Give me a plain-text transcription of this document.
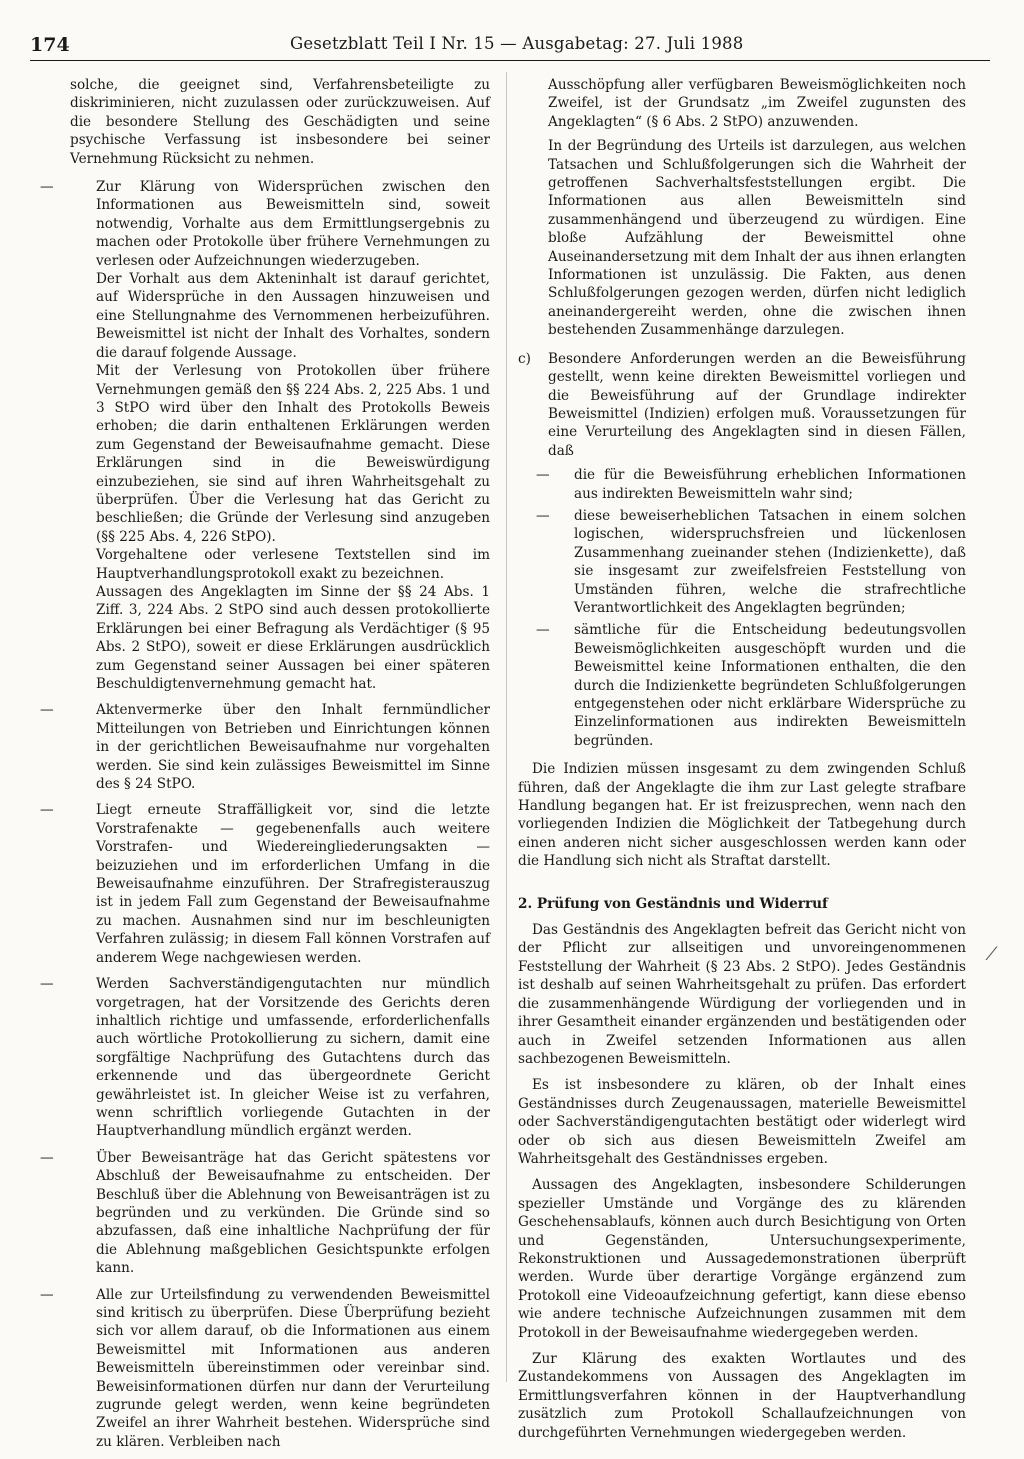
174	Gesetzblatt Teil I Nr. 15 — Ausgabetag: 27. Juli 1988

solche, die geeignet sind, Verfahrensbeteiligte zu diskriminieren, nicht zuzulassen oder zurückzuweisen. Auf die besondere Stellung des Geschädigten und seine psychische Verfassung ist insbesondere bei seiner Vernehmung Rücksicht zu nehmen.

—	Zur Klärung von Widersprüchen zwischen den Informationen aus Beweismitteln sind, soweit notwendig, Vorhalte aus dem Ermittlungsergebnis zu machen oder Protokolle über frühere Vernehmungen zu verlesen oder Aufzeichnungen wiederzugeben.

Der Vorhalt aus dem Akteninhalt ist darauf gerichtet, auf Widersprüche in den Aussagen hinzuweisen und eine Stellungnahme des Vernommenen herbeizuführen. Beweismittel ist nicht der Inhalt des Vorhaltes, sondern die darauf folgende Aussage.

Mit der Verlesung von Protokollen über frühere Vernehmungen gemäß den §§ 224 Abs. 2, 225 Abs. 1 und 3 StPO wird über den Inhalt des Protokolls Beweis erhoben; die darin enthaltenen Erklärungen werden zum Gegenstand der Beweisaufnahme gemacht. Diese Erklärungen sind in die Beweiswürdigung einzubeziehen, sie sind auf ihren Wahrheitsgehalt zu überprüfen. Über die Verlesung hat das Gericht zu beschließen; die Gründe der Verlesung sind anzugeben (§§ 225 Abs. 4, 226 StPO).

Vorgehaltene oder verlesene Textstellen sind im Hauptverhandlungsprotokoll exakt zu bezeichnen.

Aussagen des Angeklagten im Sinne der §§ 24 Abs. 1 Ziff. 3, 224 Abs. 2 StPO sind auch dessen protokollierte Erklärungen bei einer Befragung als Verdächtiger (§ 95 Abs. 2 StPO), soweit er diese Erklärungen ausdrücklich zum Gegenstand seiner Aussagen bei einer späteren Beschuldigtenvernehmung gemacht hat.

—	Aktenvermerke über den Inhalt fernmündlicher Mitteilungen von Betrieben und Einrichtungen können in der gerichtlichen Beweisaufnahme nur vorgehalten werden. Sie sind kein zulässiges Beweismittel im Sinne des § 24 StPO.

—	Liegt erneute Straffälligkeit vor, sind die letzte Vorstrafenakte — gegebenenfalls auch weitere Vorstrafen- und Wiedereingliederungsakten — beizuziehen und im erforderlichen Umfang in die Beweisaufnahme einzuführen. Der Strafregisterauszug ist in jedem Fall zum Gegenstand der Beweisaufnahme zu machen. Ausnahmen sind nur im beschleunigten Verfahren zulässig; in diesem Fall können Vorstrafen auf anderem Wege nachgewiesen werden.

—	Werden Sachverständigengutachten nur mündlich vorgetragen, hat der Vorsitzende des Gerichts deren inhaltlich richtige und umfassende, erforderlichenfalls auch wörtliche Protokollierung zu sichern, damit eine sorgfältige Nachprüfung des Gutachtens durch das erkennende und das übergeordnete Gericht gewährleistet ist. In gleicher Weise ist zu verfahren, wenn schriftlich vorliegende Gutachten in der Hauptverhandlung mündlich ergänzt werden.

—	Über Beweisanträge hat das Gericht spätestens vor Abschluß der Beweisaufnahme zu entscheiden. Der Beschluß über die Ablehnung von Beweisanträgen ist zu begründen und zu verkünden. Die Gründe sind so abzufassen, daß eine inhaltliche Nachprüfung der für die Ablehnung maßgeblichen Gesichtspunkte erfolgen kann.

—	Alle zur Urteilsfindung zu verwendenden Beweismittel sind kritisch zu überprüfen. Diese Überprüfung bezieht sich vor allem darauf, ob die Informationen aus einem Beweismittel mit Informationen aus anderen Beweismitteln übereinstimmen oder vereinbar sind. Beweisinformationen dürfen nur dann der Verurteilung zugrunde gelegt werden, wenn keine begründeten Zweifel an ihrer Wahrheit bestehen. Widersprüche sind zu klären. Verbleiben nach

Ausschöpfung aller verfügbaren Beweismöglichkeiten noch Zweifel, ist der Grundsatz „im Zweifel zugunsten des Angeklagten“ (§ 6 Abs. 2 StPO) anzuwenden.

In der Begründung des Urteils ist darzulegen, aus welchen Tatsachen und Schlußfolgerungen sich die Wahrheit der getroffenen Sachverhaltsfeststellungen ergibt. Die Informationen aus allen Beweismitteln sind zusammenhängend und überzeugend zu würdigen. Eine bloße Aufzählung der Beweismittel ohne Auseinandersetzung mit dem Inhalt der aus ihnen erlangten Informationen ist unzulässig. Die Fakten, aus denen Schlußfolgerungen gezogen werden, dürfen nicht lediglich aneinandergereiht werden, ohne die zwischen ihnen bestehenden Zusammenhänge darzulegen.

c) Besondere Anforderungen werden an die Beweisführung gestellt, wenn keine direkten Beweismittel vorliegen und die Beweisführung auf der Grundlage indirekter Beweismittel (Indizien) erfolgen muß. Voraussetzungen für eine Verurteilung des Angeklagten sind in diesen Fällen, daß

— die für die Beweisführung erheblichen Informationen aus indirekten Beweismitteln wahr sind;

— diese beweiserheblichen Tatsachen in einem solchen logischen, widerspruchsfreien und lückenlosen Zusammenhang zueinander stehen (Indizienkette), daß sie insgesamt zur zweifelsfreien Feststellung von Umständen führen, welche die strafrechtliche Verantwortlichkeit des Angeklagten begründen;

— sämtliche für die Entscheidung bedeutungsvollen Beweismöglichkeiten ausgeschöpft wurden und die Beweismittel keine Informationen enthalten, die den durch die Indizienkette begründeten Schlußfolgerungen entgegenstehen oder nicht erklärbare Widersprüche zu Einzelinformationen aus indirekten Beweismitteln begründen.

Die Indizien müssen insgesamt zu dem zwingenden Schluß führen, daß der Angeklagte die ihm zur Last gelegte strafbare Handlung begangen hat. Er ist freizusprechen, wenn nach den vorliegenden Indizien die Möglichkeit der Tatbegehung durch einen anderen nicht sicher ausgeschlossen werden kann oder die Handlung sich nicht als Straftat darstellt.

2. Prüfung von Geständnis und Widerruf

Das Geständnis des Angeklagten befreit das Gericht nicht von der Pflicht zur allseitigen und unvoreingenommenen Feststellung der Wahrheit (§ 23 Abs. 2 StPO). Jedes Geständnis ist deshalb auf seinen Wahrheitsgehalt zu prüfen. Das erfordert die zusammenhängende Würdigung der vorliegenden und in ihrer Gesamtheit einander ergänzenden und bestätigenden oder auch in Zweifel setzenden Informationen aus allen sachbezogenen Beweismitteln.

Es ist insbesondere zu klären, ob der Inhalt eines Geständnisses durch Zeugenaussagen, materielle Beweismittel oder Sachverständigengutachten bestätigt oder widerlegt wird oder ob sich aus diesen Beweismitteln Zweifel am Wahrheitsgehalt des Geständnisses ergeben.

Aussagen des Angeklagten, insbesondere Schilderungen spezieller Umstände und Vorgänge des zu klärenden Geschehensablaufs, können auch durch Besichtigung von Orten und Gegenständen, Untersuchungsexperimente, Rekonstruktionen und Aussagedemonstrationen überprüft werden. Wurde über derartige Vorgänge ergänzend zum Protokoll eine Videoaufzeichnung gefertigt, kann diese ebenso wie andere technische Aufzeichnungen zusammen mit dem Protokoll in der Beweisaufnahme wiedergegeben werden.

Zur Klärung des exakten Wortlautes und des Zustandekommens von Aussagen des Angeklagten im Ermittlungsverfahren können in der Hauptverhandlung zusätzlich zum Protokoll Schallaufzeichnungen von durchgeführten Vernehmungen wiedergegeben werden.

⁄
